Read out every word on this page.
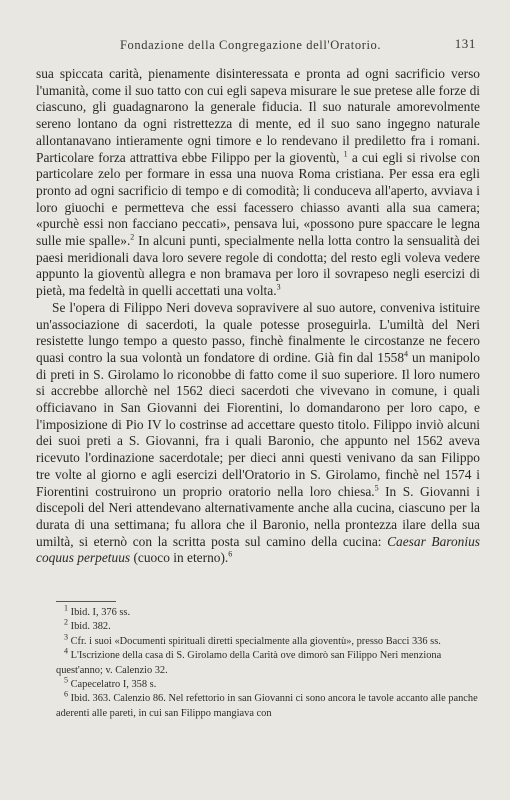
Fondazione della Congregazione dell'Oratorio.	131

sua spiccata carità, pienamente disinteressata e pronta ad ogni sacrificio verso l'umanità, come il suo tatto con cui egli sapeva misurare le sue pretese alle forze di ciascuno, gli guadagnarono la generale fiducia. Il suo naturale amorevolmente sereno lontano da ogni ristrettezza di mente, ed il suo sano ingegno naturale allontanavano intieramente ogni timore e lo rendevano il prediletto fra i romani. Particolare forza attrattiva ebbe Filippo per la gioventù, $^1$ a cui egli si rivolse con particolare zelo per formare in essa una nuova Roma cristiana. Per essa era egli pronto ad ogni sacrificio di tempo e di comodità; li conduceva all'aperto, avviava i loro giuochi e permetteva che essi facessero chiasso avanti alla sua camera; «purchè essi non facciano peccati», pensava lui, «possono pure spaccare le legna sulle mie spalle».$^2$ In alcuni punti, specialmente nella lotta contro la sensualità dei paesi meridionali dava loro severe regole di condotta; del resto egli voleva vedere appunto la gioventù allegra e non bramava per loro il sovrapeso negli esercizi di pietà, ma fedeltà in quelli accettati una volta.$^3$

Se l'opera di Filippo Neri doveva sopravivere al suo autore, conveniva istituire un'associazione di sacerdoti, la quale potesse proseguirla. L'umiltà del Neri resistette lungo tempo a questo passo, finchè finalmente le circostanze ne fecero quasi contro la sua volontà un fondatore di ordine. Già fin dal 1558$^4$ un manipolo di preti in S. Girolamo lo riconobbe di fatto come il suo superiore. Il loro numero si accrebbe allorchè nel 1562 dieci sacerdoti che vivevano in comune, i quali officiavano in San Giovanni dei Fiorentini, lo domandarono per loro capo, e l'imposizione di Pio IV lo costrinse ad accettare questo titolo. Filippo inviò alcuni dei suoi preti a S. Giovanni, fra i quali Baronio, che appunto nel 1562 aveva ricevuto l'ordinazione sacerdotale; per dieci anni questi venivano da san Filippo tre volte al giorno e agli esercizi dell'Oratorio in S. Girolamo, finchè nel 1574 i Fiorentini costruirono un proprio oratorio nella loro chiesa.$^5$ In S. Giovanni i discepoli del Neri attendevano alternativamente anche alla cucina, ciascuno per la durata di una settimana; fu allora che il Baronio, nella prontezza ilare della sua umiltà, si eternò con la scritta posta sul camino della cucina: Caesar Baronius coquus perpetuus (cuoco in eterno).$^6$

$^1$ Ibid. I, 376 ss.
$^2$ Ibid. 382.
$^3$ Cfr. i suoi «Documenti spirituali diretti specialmente alla gioventù», presso Bacci 336 ss.
$^4$ L'Iscrizione della casa di S. Girolamo della Carità ove dimorò san Filippo Neri menziona quest'anno; v. Calenzio 32.
$^5$ Capecelatro I, 358 s.
$^6$ Ibid. 363. Calenzio 86. Nel refettorio in san Giovanni ci sono ancora le tavole accanto alle panche aderenti alle pareti, in cui san Filippo mangiava con
